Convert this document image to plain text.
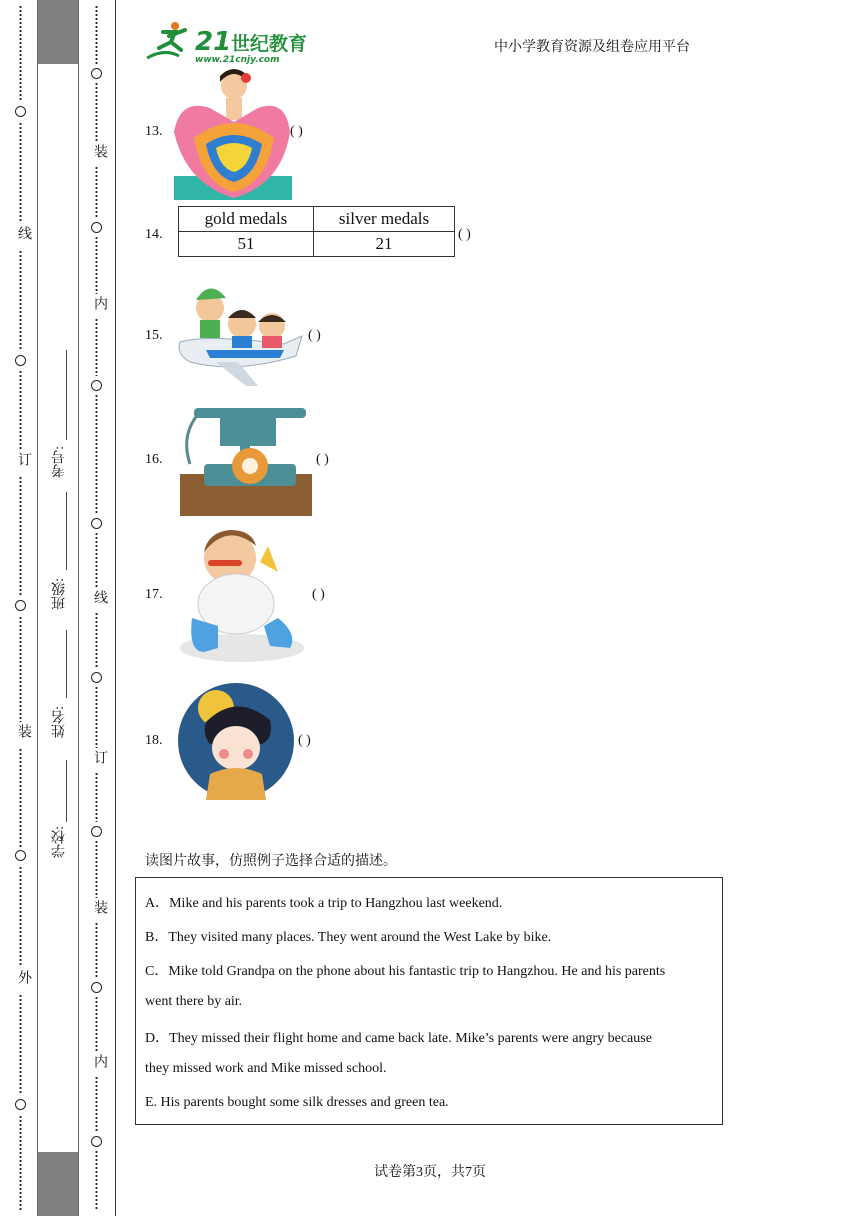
线
订
装
外
学校:
姓名:
班级:
考号:
装
内
线
订
装
内
21 世纪教育
www.21cnjy.com
中小学教育资源及组卷应用平台
13.	( )
14.
gold medals	silver medals
51	21	( )
15.	( )
16.	( )
17.	( )
18.	( )
读图片故事，仿照例子选择合适的描述。
A．Mike and his parents took a trip to Hangzhou last weekend.
B．They visited many places. They went around the West Lake by bike.
C．Mike told Grandpa on the phone about his fantastic trip to Hangzhou. He and his parents
went there by air.
D．They missed their flight home and came back late. Mike’s parents were angry because
they missed work and Mike missed school.
E. His parents bought some silk dresses and green tea.
试卷第3页，共7页
